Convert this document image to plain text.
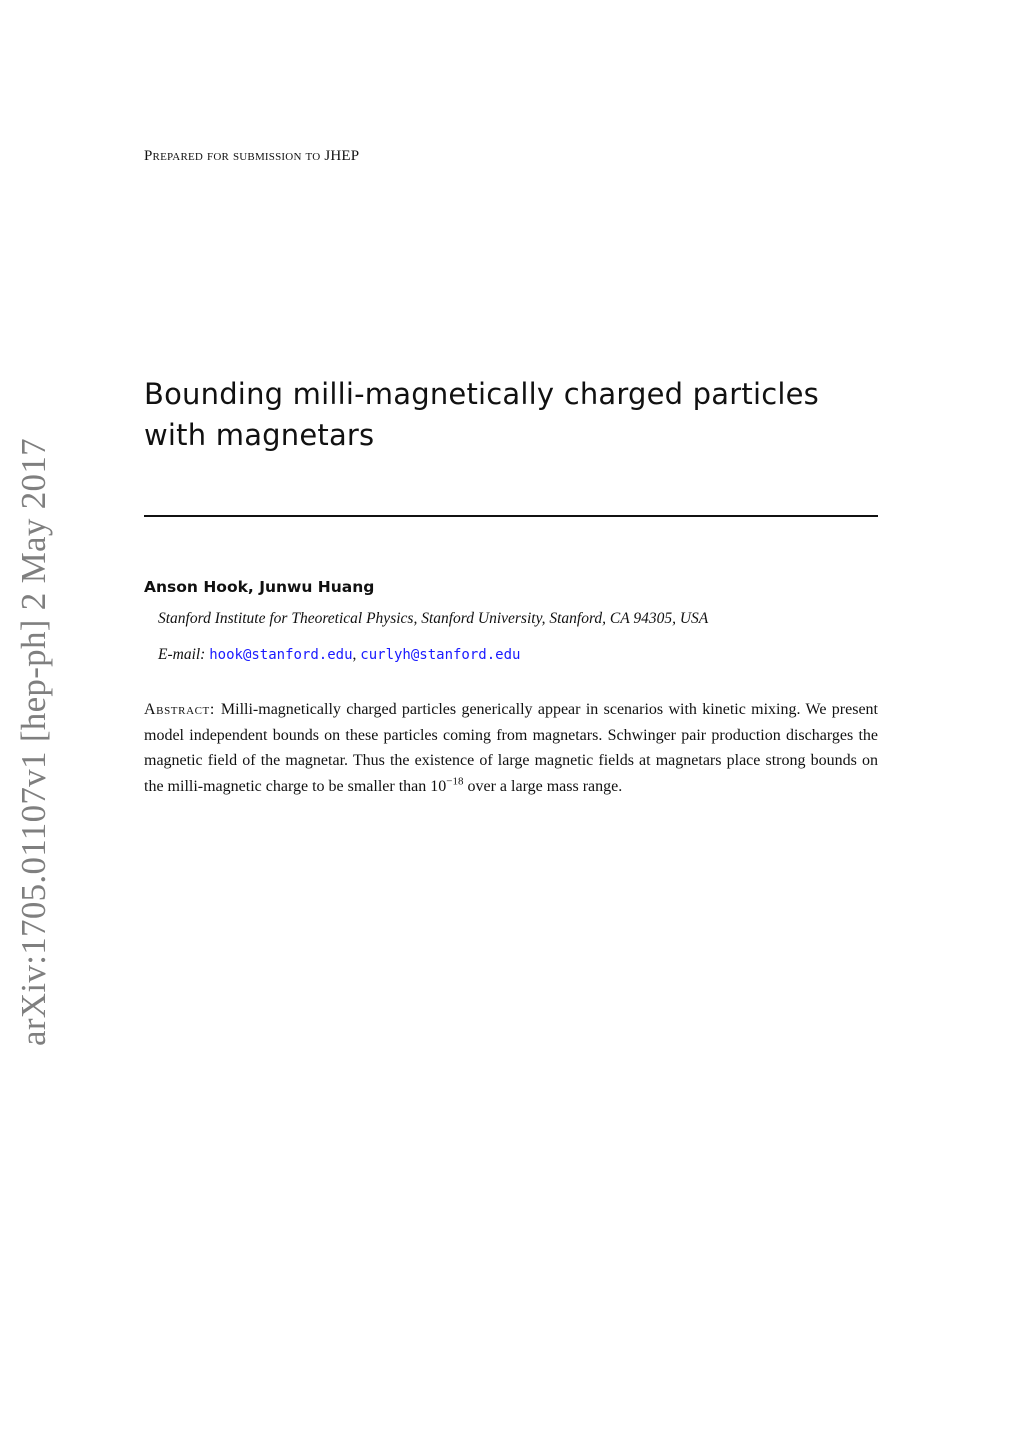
Prepared for submission to JHEP
Bounding milli-magnetically charged particles with magnetars
Anson Hook, Junwu Huang
Stanford Institute for Theoretical Physics, Stanford University, Stanford, CA 94305, USA
E-mail: hook@stanford.edu, curlyh@stanford.edu
Abstract: Milli-magnetically charged particles generically appear in scenarios with kinetic mixing. We present model independent bounds on these particles coming from magnetars. Schwinger pair production discharges the magnetic field of the magnetar. Thus the existence of large magnetic fields at magnetars place strong bounds on the milli-magnetic charge to be smaller than $10^{-18}$ over a large mass range.
arXiv:1705.01107v1 [hep-ph] 2 May 2017
